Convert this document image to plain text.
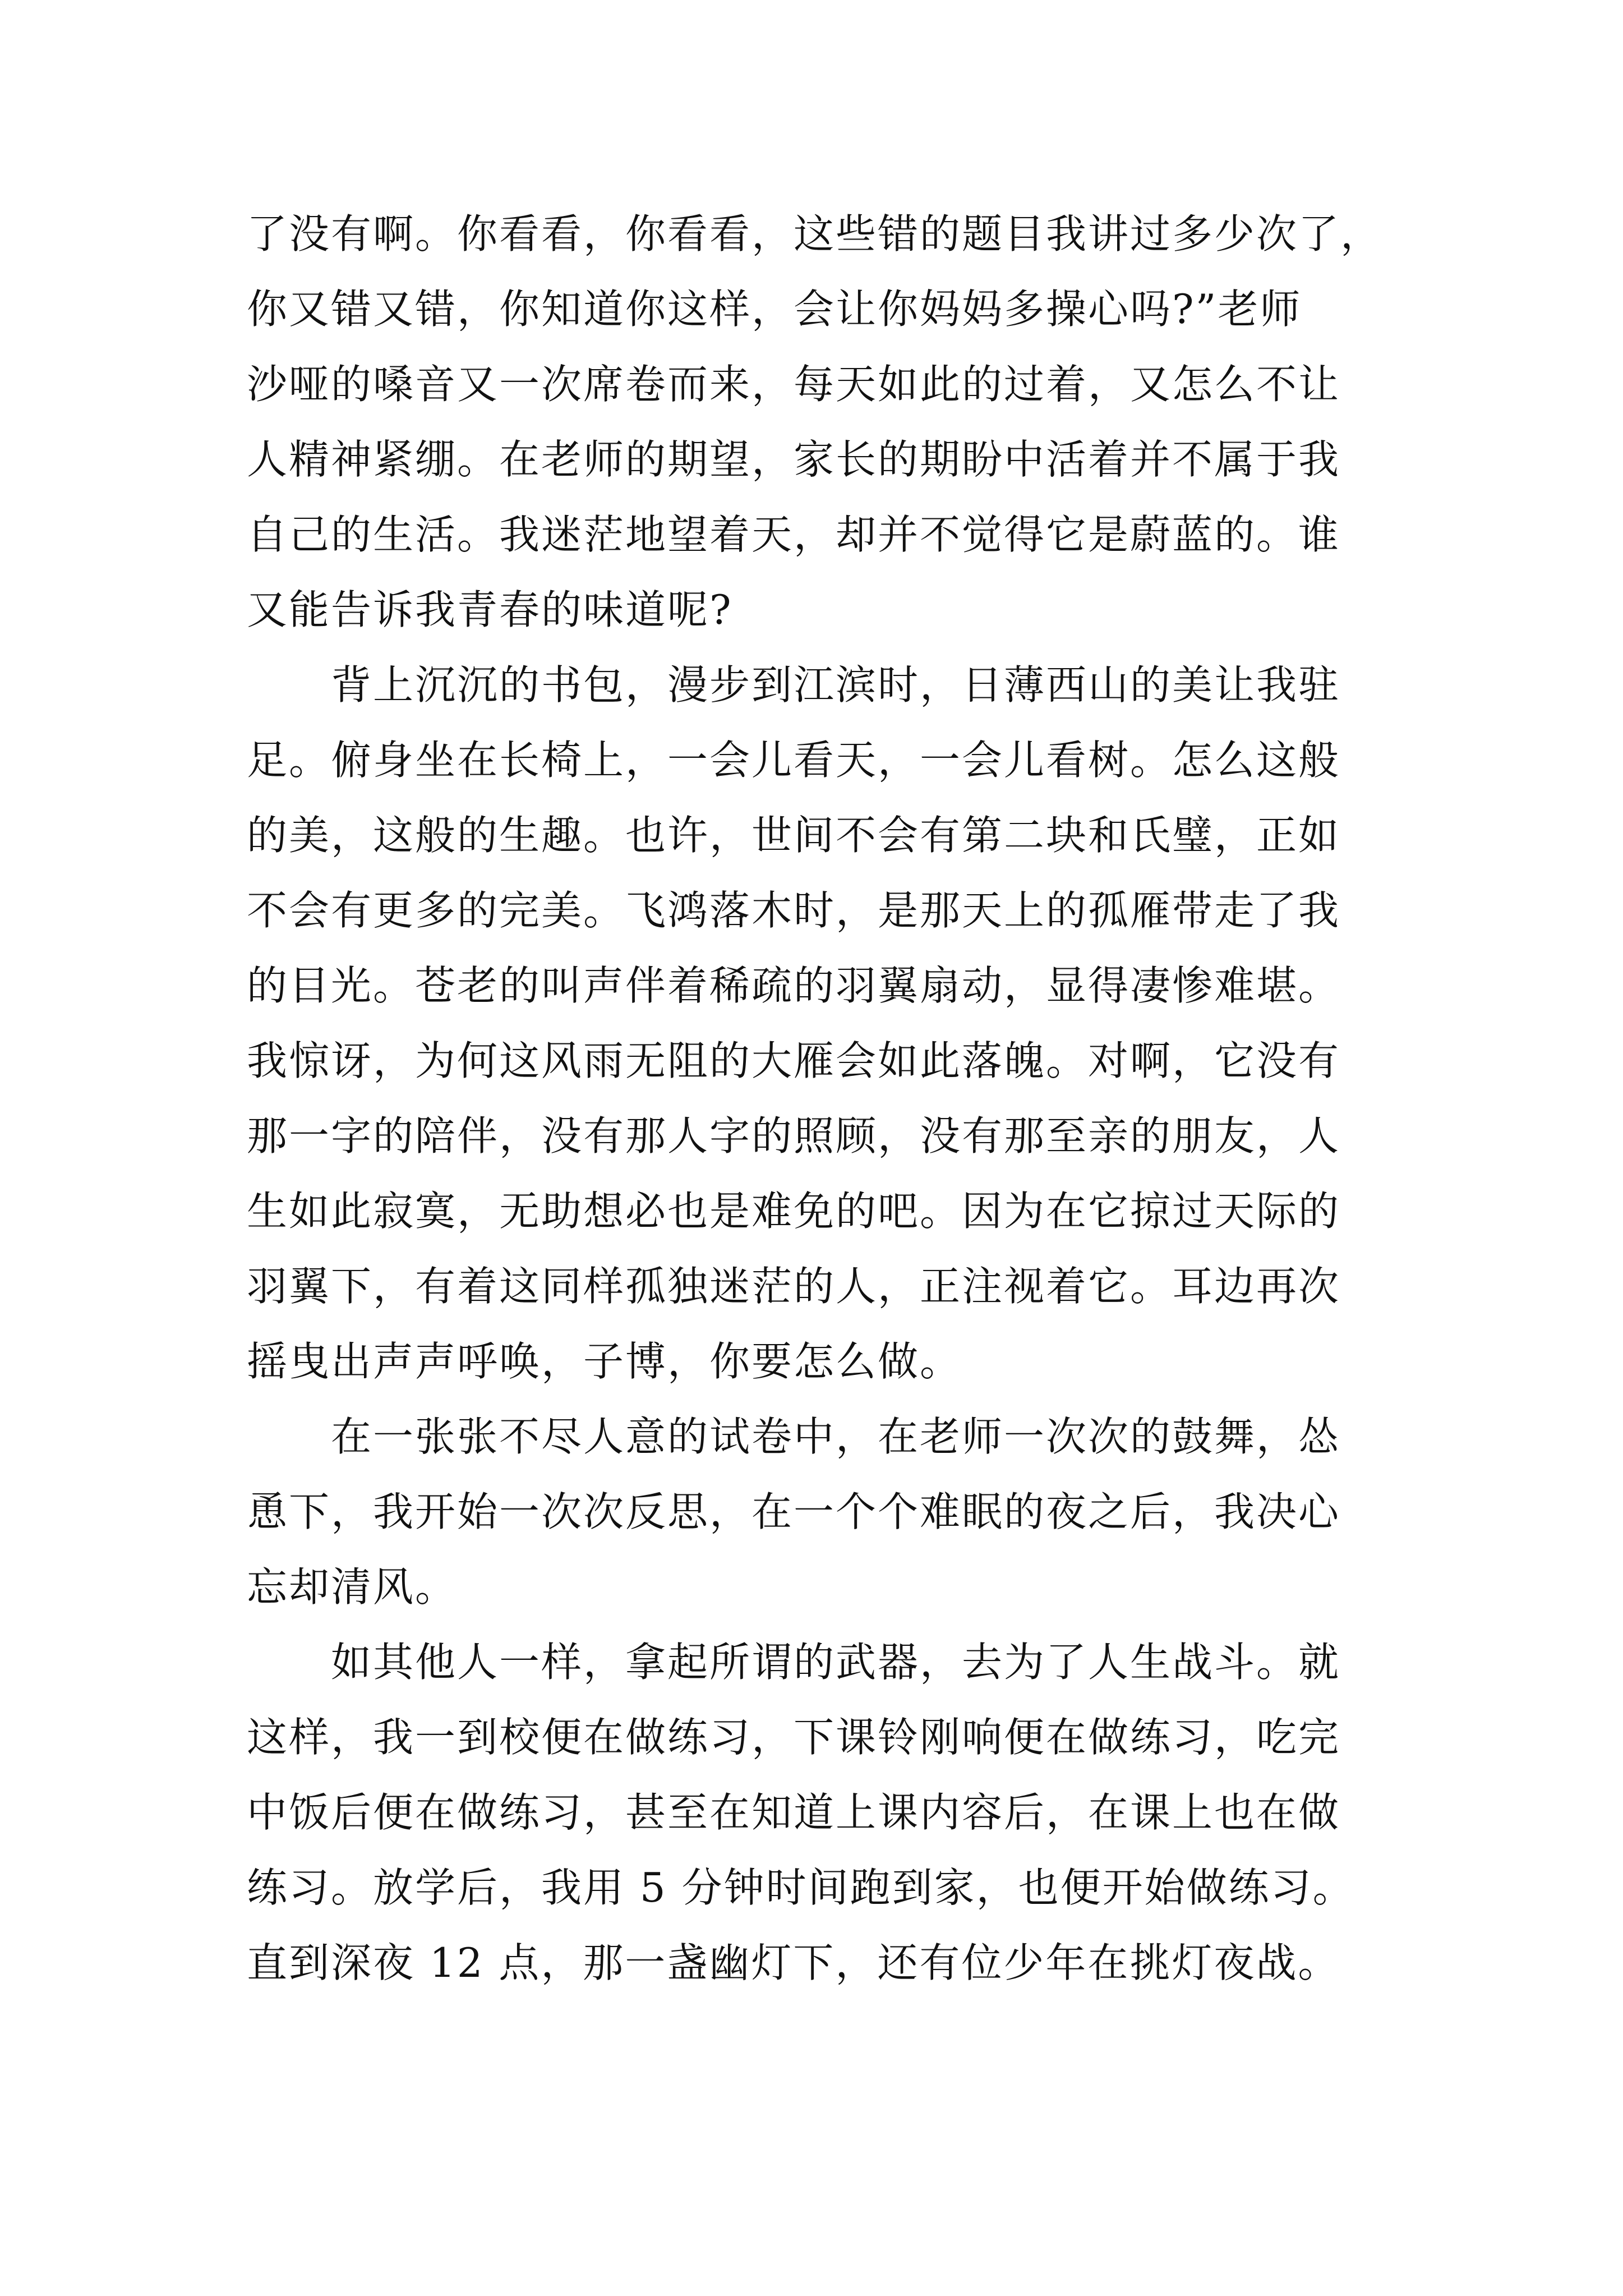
了没有啊。你看看，你看看，这些错的题目我讲过多少次了，
你又错又错，你知道你这样，会让你妈妈多操心吗?”老师
沙哑的嗓音又一次席卷而来，每天如此的过着，又怎么不让
人精神紧绷。在老师的期望，家长的期盼中活着并不属于我
自己的生活。我迷茫地望着天，却并不觉得它是蔚蓝的。谁
又能告诉我青春的味道呢?
背上沉沉的书包，漫步到江滨时，日薄西山的美让我驻
足。俯身坐在长椅上，一会儿看天，一会儿看树。怎么这般
的美，这般的生趣。也许，世间不会有第二块和氏璧，正如
不会有更多的完美。飞鸿落木时，是那天上的孤雁带走了我
的目光。苍老的叫声伴着稀疏的羽翼扇动，显得凄惨难堪。
我惊讶，为何这风雨无阻的大雁会如此落魄。对啊，它没有
那一字的陪伴，没有那人字的照顾，没有那至亲的朋友，人
生如此寂寞，无助想必也是难免的吧。因为在它掠过天际的
羽翼下，有着这同样孤独迷茫的人，正注视着它。耳边再次
摇曳出声声呼唤，子博，你要怎么做。
在一张张不尽人意的试卷中，在老师一次次的鼓舞，怂
恿下，我开始一次次反思，在一个个难眠的夜之后，我决心
忘却清风。
如其他人一样，拿起所谓的武器，去为了人生战斗。就
这样，我一到校便在做练习，下课铃刚响便在做练习，吃完
中饭后便在做练习，甚至在知道上课内容后，在课上也在做
练习。放学后，我用 5 分钟时间跑到家，也便开始做练习。
直到深夜 12 点，那一盏幽灯下，还有位少年在挑灯夜战。
